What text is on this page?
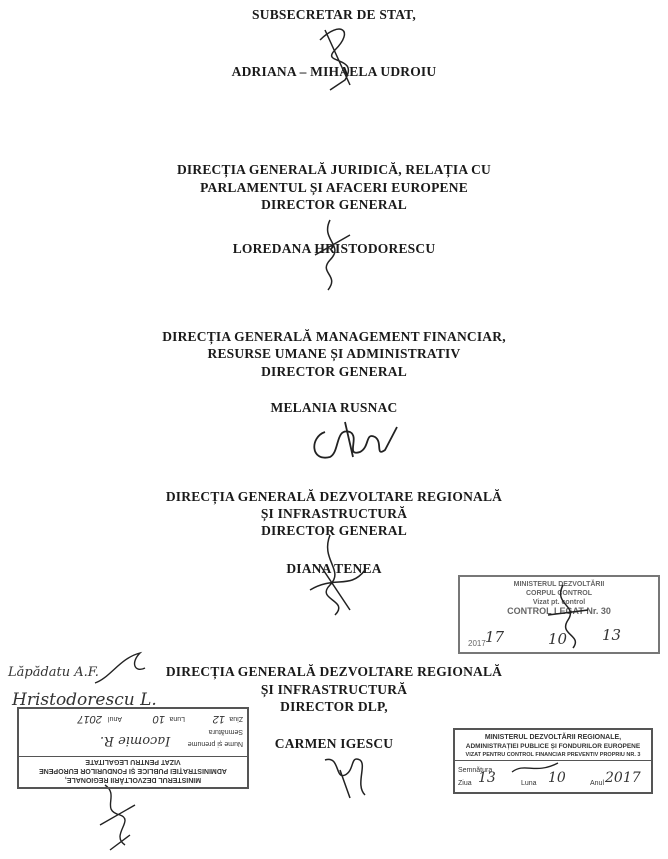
SUBSECRETAR DE STAT,
ADRIANA – MIHAELA UDROIU
DIRECȚIA GENERALĂ JURIDICĂ, RELAȚIA CU
PARLAMENTUL ȘI AFACERI EUROPENE
DIRECTOR GENERAL
LOREDANA HRISTODORESCU
DIRECȚIA GENERALĂ MANAGEMENT FINANCIAR,
RESURSE UMANE ȘI ADMINISTRATIV
DIRECTOR GENERAL
MELANIA RUSNAC
DIRECȚIA GENERALĂ DEZVOLTARE REGIONALĂ
ȘI INFRASTRUCTURĂ
DIRECTOR GENERAL
DIANA TENEA
DIRECȚIA GENERALĂ DEZVOLTARE REGIONALĂ
ȘI INFRASTRUCTURĂ
DIRECTOR DLP,
CARMEN IGESCU
MINISTERUL DEZVOLTĂRII
CORPUL CONTROL
Vizat pt. control
CONTROL LEGAT Nr. 30
2017 17	10 13
MINISTERUL DEZVOLTĂRII REGIONALE,
ADMINISTRAȚIEI PUBLICE ȘI FONDURILOR EUROPENE
VIZAT PENTRU CONTROL FINANCIAR PREVENTIV PROPRIU NR. 3
Semnătura
Ziua	Luna	Anul
13	10	2017
MINISTERUL DEZVOLTĂRII REGIONALE,
ADMINISTRAȚIEI PUBLICE ȘI FONDURILOR EUROPENE
VIZAT PENTRU LEGALITATE
Nume și prenume
Semnătura
Ziua
12
Luna
10
Anul
2017
Lăpădatu A.F.
Hristodorescu L.
Iacomie R.
